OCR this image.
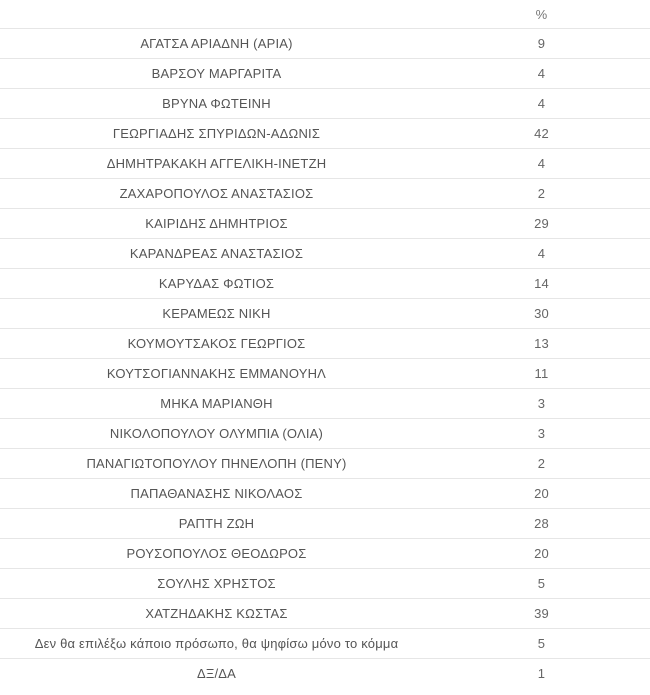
	%
ΑΓΑΤΣΑ ΑΡΙΑΔΝΗ (ΑΡΙΑ)	9
ΒΑΡΣΟΥ ΜΑΡΓΑΡΙΤΑ	4
ΒΡΥΝΑ ΦΩΤΕΙΝΗ	4
ΓΕΩΡΓΙΑΔΗΣ ΣΠΥΡΙΔΩΝ-ΑΔΩΝΙΣ	42
ΔΗΜΗΤΡΑΚΑΚΗ ΑΓΓΕΛΙΚΗ-ΙΝΕΤΖΗ	4
ΖΑΧΑΡΟΠΟΥΛΟΣ ΑΝΑΣΤΑΣΙΟΣ	2
ΚΑΙΡΙΔΗΣ ΔΗΜΗΤΡΙΟΣ	29
ΚΑΡΑΝΔΡΕΑΣ ΑΝΑΣΤΑΣΙΟΣ	4
ΚΑΡΥΔΑΣ ΦΩΤΙΟΣ	14
ΚΕΡΑΜΕΩΣ ΝΙΚΗ	30
ΚΟΥΜΟΥΤΣΑΚΟΣ ΓΕΩΡΓΙΟΣ	13
ΚΟΥΤΣΟΓΙΑΝΝΑΚΗΣ ΕΜΜΑΝΟΥΗΛ	11
ΜΗΚΑ ΜΑΡΙΑΝΘΗ	3
ΝΙΚΟΛΟΠΟΥΛΟΥ ΟΛΥΜΠΙΑ (ΟΛΙΑ)	3
ΠΑΝΑΓΙΩΤΟΠΟΥΛΟΥ ΠΗΝΕΛΟΠΗ (ΠΕΝΥ)	2
ΠΑΠΑΘΑΝΑΣΗΣ ΝΙΚΟΛΑΟΣ	20
ΡΑΠΤΗ ΖΩΗ	28
ΡΟΥΣΟΠΟΥΛΟΣ ΘΕΟΔΩΡΟΣ	20
ΣΟΥΛΗΣ ΧΡΗΣΤΟΣ	5
ΧΑΤΖΗΔΑΚΗΣ ΚΩΣΤΑΣ	39
Δεν θα επιλέξω κάποιο πρόσωπο, θα ψηφίσω μόνο το κόμμα	5
ΔΞ/ΔΑ	1
